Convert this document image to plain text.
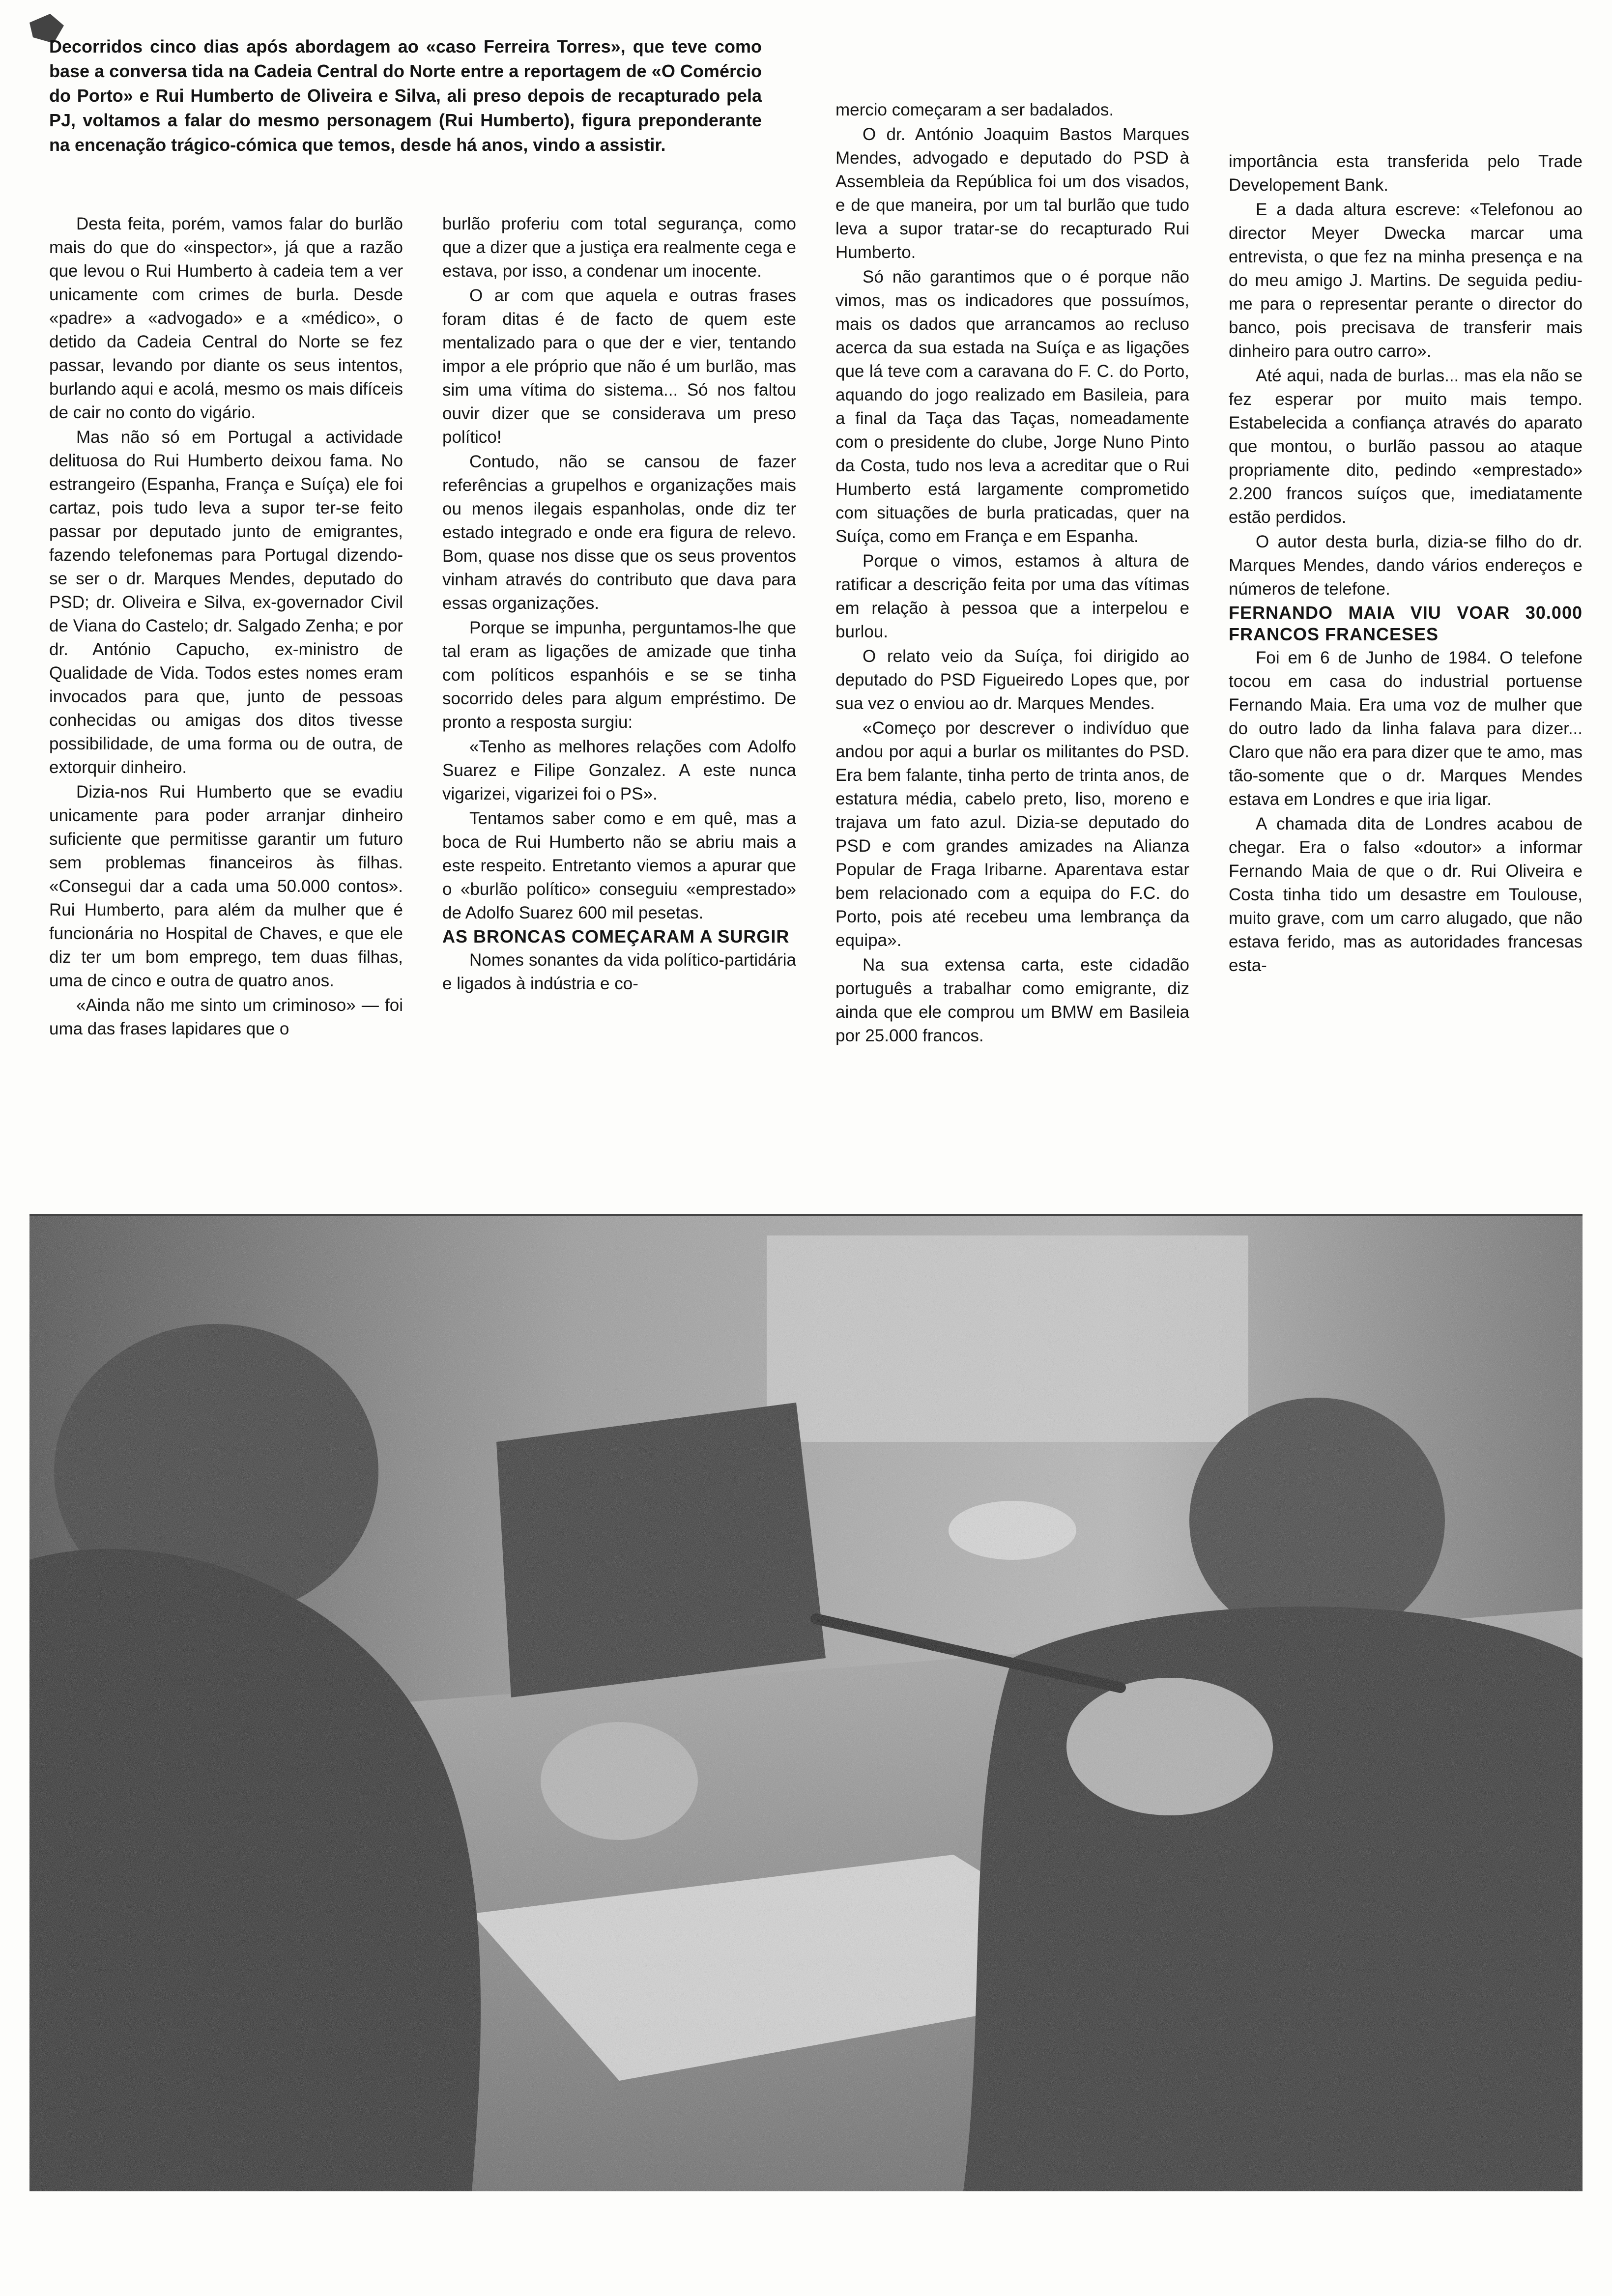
Decorridos cinco dias após abordagem ao «caso Ferreira Torres», que teve como base a conversa tida na Cadeia Central do Norte entre a reportagem de «O Comércio do Porto» e Rui Humberto de Oliveira e Silva, ali preso depois de recapturado pela PJ, voltamos a falar do mesmo personagem (Rui Humberto), figura preponderante na encenação trágico-cómica que temos, desde há anos, vindo a assistir.

Desta feita, porém, vamos falar do burlão mais do que do «inspector», já que a razão que levou o Rui Humberto à cadeia tem a ver unicamente com crimes de burla. Desde «padre» a «advogado» e a «médico», o detido da Cadeia Central do Norte se fez passar, levando por diante os seus intentos, burlando aqui e acolá, mesmo os mais difíceis de cair no conto do vigário.

Mas não só em Portugal a actividade delituosa do Rui Humberto deixou fama. No estrangeiro (Espanha, França e Suíça) ele foi cartaz, pois tudo leva a supor ter-se feito passar por deputado junto de emigrantes, fazendo telefonemas para Portugal dizendo-se ser o dr. Marques Mendes, deputado do PSD; dr. Oliveira e Silva, ex-governador Civil de Viana do Castelo; dr. Salgado Zenha; e por dr. António Capucho, ex-ministro de Qualidade de Vida. Todos estes nomes eram invocados para que, junto de pessoas conhecidas ou amigas dos ditos tivesse possibilidade, de uma forma ou de outra, de extorquir dinheiro.

Dizia-nos Rui Humberto que se evadiu unicamente para poder arranjar dinheiro suficiente que permitisse garantir um futuro sem problemas financeiros às filhas. «Consegui dar a cada uma 50.000 contos». Rui Humberto, para além da mulher que é funcionária no Hospital de Chaves, e que ele diz ter um bom emprego, tem duas filhas, uma de cinco e outra de quatro anos.

«Ainda não me sinto um criminoso» — foi uma das frases lapidares que o

burlão proferiu com total segurança, como que a dizer que a justiça era realmente cega e estava, por isso, a condenar um inocente.

O ar com que aquela e outras frases foram ditas é de facto de quem este mentalizado para o que der e vier, tentando impor a ele próprio que não é um burlão, mas sim uma vítima do sistema... Só nos faltou ouvir dizer que se considerava um preso político!

Contudo, não se cansou de fazer referências a grupelhos e organizações mais ou menos ilegais espanholas, onde diz ter estado integrado e onde era figura de relevo. Bom, quase nos disse que os seus proventos vinham através do contributo que dava para essas organizações.

Porque se impunha, perguntamos-lhe que tal eram as ligações de amizade que tinha com políticos espanhóis e se se tinha socorrido deles para algum empréstimo. De pronto a resposta surgiu:

«Tenho as melhores relações com Adolfo Suarez e Filipe Gonzalez. A este nunca vigarizei, vigarizei foi o PS».

Tentamos saber como e em quê, mas a boca de Rui Humberto não se abriu mais a este respeito. Entretanto viemos a apurar que o «burlão político» conseguiu «emprestado» de Adolfo Suarez 600 mil pesetas.

AS BRONCAS COMEÇARAM A SURGIR

Nomes sonantes da vida político-partidária e ligados à indústria e co-

mercio começaram a ser badalados.

O dr. António Joaquim Bastos Marques Mendes, advogado e deputado do PSD à Assembleia da República foi um dos visados, e de que maneira, por um tal burlão que tudo leva a supor tratar-se do recapturado Rui Humberto.

Só não garantimos que o é porque não vimos, mas os indicadores que possuímos, mais os dados que arrancamos ao recluso acerca da sua estada na Suíça e as ligações que lá teve com a caravana do F. C. do Porto, aquando do jogo realizado em Basileia, para a final da Taça das Taças, nomeadamente com o presidente do clube, Jorge Nuno Pinto da Costa, tudo nos leva a acreditar que o Rui Humberto está largamente comprometido com situações de burla praticadas, quer na Suíça, como em França e em Espanha.

Porque o vimos, estamos à altura de ratificar a descrição feita por uma das vítimas em relação à pessoa que a interpelou e burlou.

O relato veio da Suíça, foi dirigido ao deputado do PSD Figueiredo Lopes que, por sua vez o enviou ao dr. Marques Mendes.

«Começo por descrever o indivíduo que andou por aqui a burlar os militantes do PSD. Era bem falante, tinha perto de trinta anos, de estatura média, cabelo preto, liso, moreno e trajava um fato azul. Dizia-se deputado do PSD e com grandes amizades na Alianza Popular de Fraga Iribarne. Aparentava estar bem relacionado com a equipa do F.C. do Porto, pois até recebeu uma lembrança da equipa».

Na sua extensa carta, este cidadão português a trabalhar como emigrante, diz ainda que ele comprou um BMW em Basileia por 25.000 francos.

importância esta transferida pelo Trade Developement Bank.

E a dada altura escreve: «Telefonou ao director Meyer Dwecka marcar uma entrevista, o que fez na minha presença e na do meu amigo J. Martins. De seguida pediu-me para o representar perante o director do banco, pois precisava de transferir mais dinheiro para outro carro».

Até aqui, nada de burlas... mas ela não se fez esperar por muito mais tempo. Estabelecida a confiança através do aparato que montou, o burlão passou ao ataque propriamente dito, pedindo «emprestado» 2.200 francos suíços que, imediatamente estão perdidos.

O autor desta burla, dizia-se filho do dr. Marques Mendes, dando vários endereços e números de telefone.

FERNANDO MAIA VIU VOAR 30.000 FRANCOS FRANCESES

Foi em 6 de Junho de 1984. O telefone tocou em casa do industrial portuense Fernando Maia. Era uma voz de mulher que do outro lado da linha falava para dizer... Claro que não era para dizer que te amo, mas tão-somente que o dr. Marques Mendes estava em Londres e que iria ligar.

A chamada dita de Londres acabou de chegar. Era o falso «doutor» a informar Fernando Maia de que o dr. Rui Oliveira e Costa tinha tido um desastre em Toulouse, muito grave, com um carro alugado, que não estava ferido, mas as autoridades francesas esta-
